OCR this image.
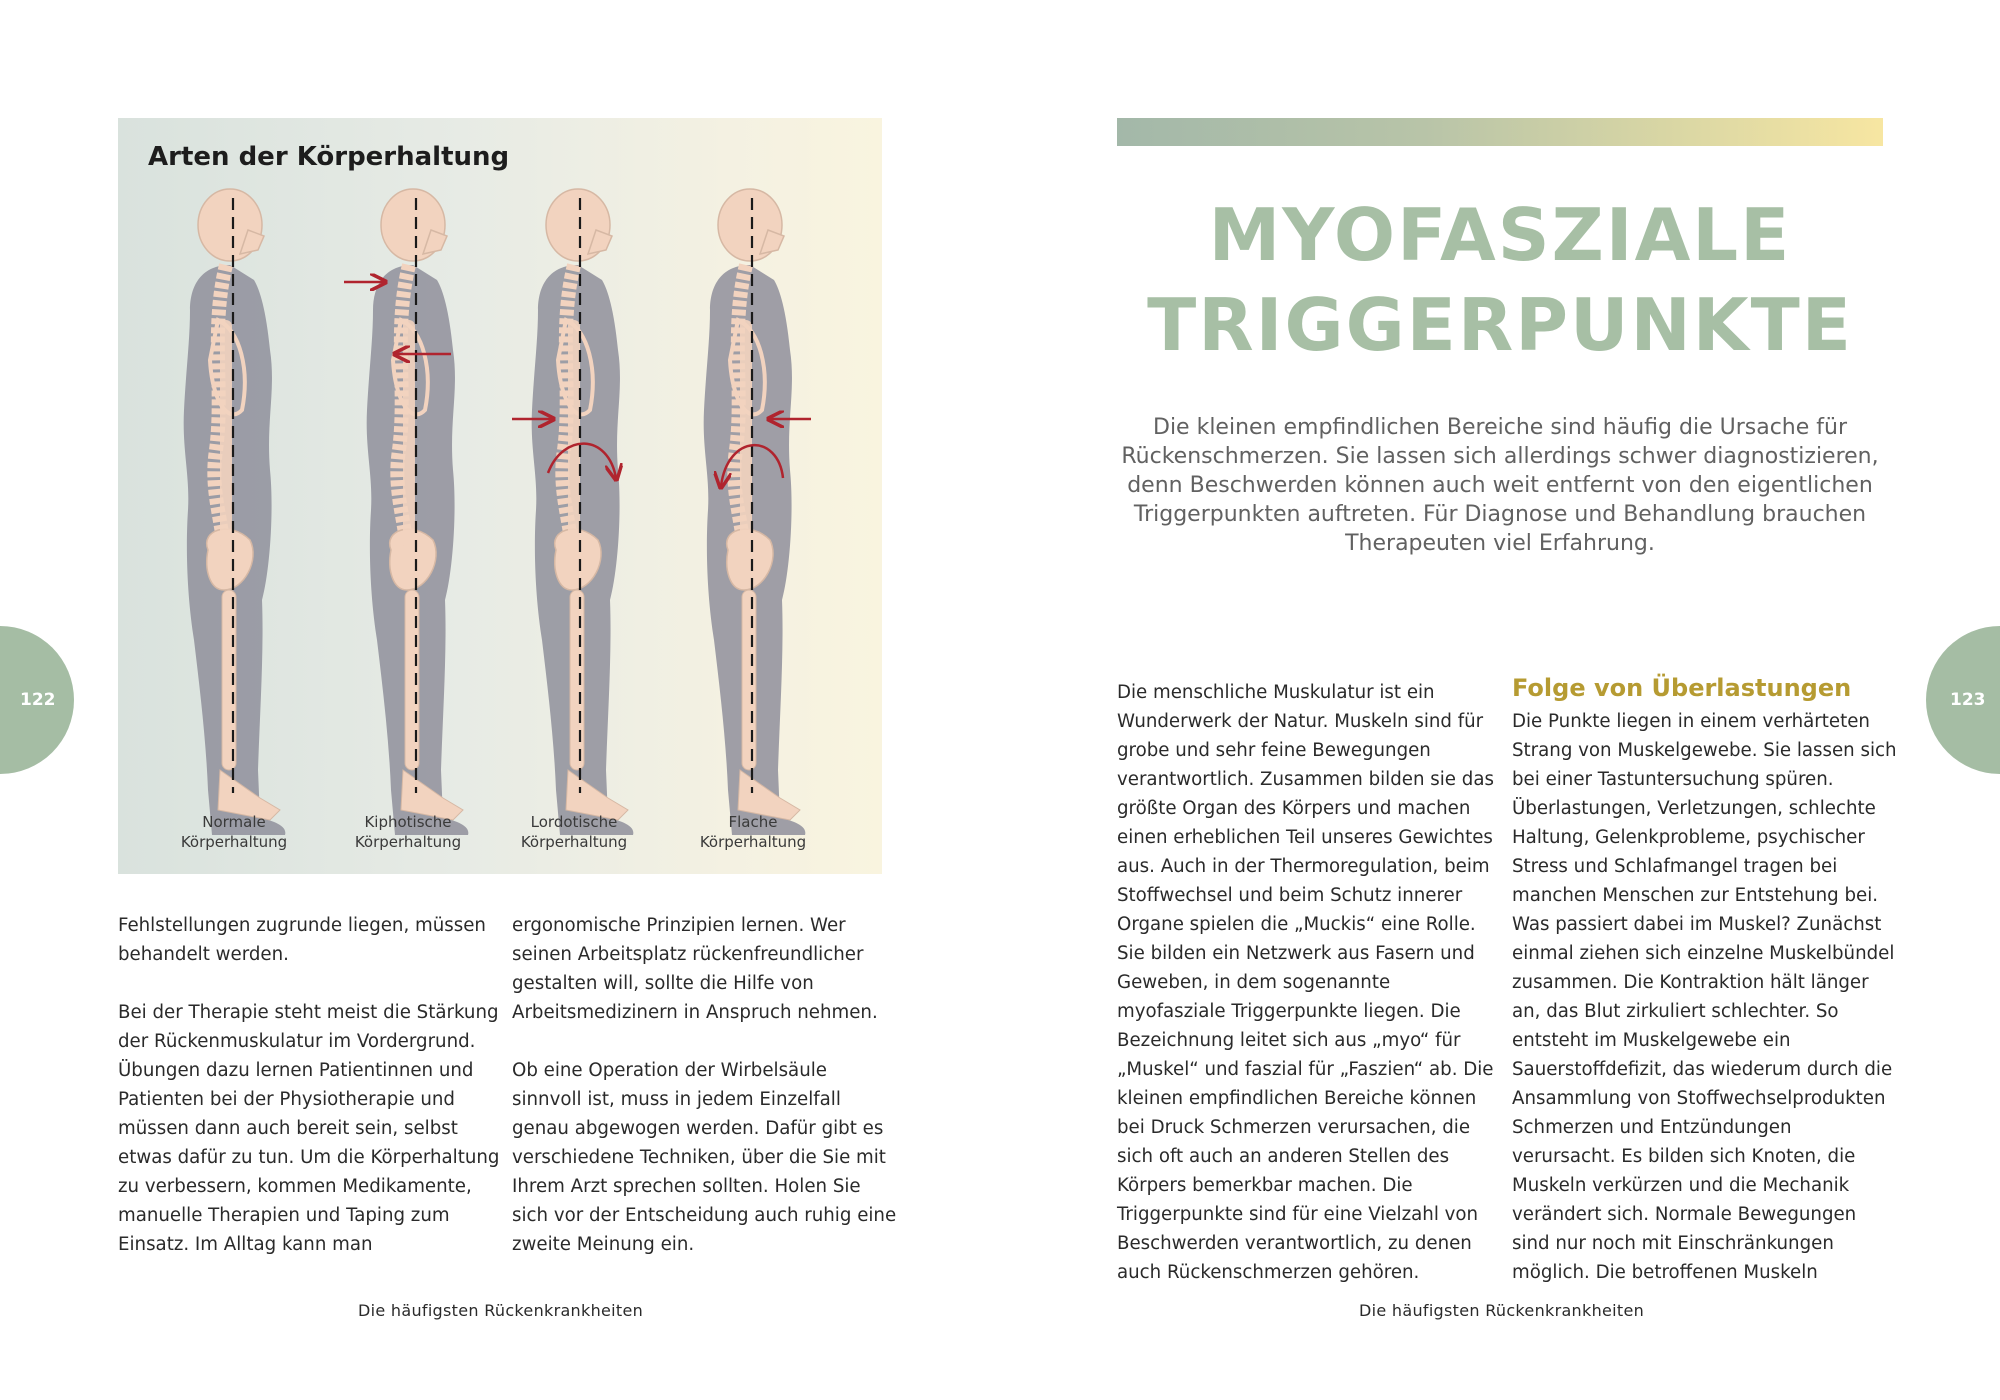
Arten der Körperhaltung
Normale
Körperhaltung
Kiphotische
Körperhaltung
Lordotische
Körperhaltung
Flache
Körperhaltung

Fehlstellungen zugrunde liegen, müssen behandelt werden.

Bei der Therapie steht meist die Stärkung der Rückenmuskulatur im Vordergrund. Übungen dazu lernen Patientinnen und Patienten bei der Physiotherapie und müssen dann auch bereit sein, selbst etwas dafür zu tun. Um die Körperhaltung zu verbessern, kommen Medikamente, manuelle Therapien und Taping zum Einsatz. Im Alltag kann man

ergonomische Prinzipien lernen. Wer seinen Arbeitsplatz rückenfreundlicher gestalten will, sollte die Hilfe von Arbeitsmedizinern in Anspruch nehmen.

Ob eine Operation der Wirbelsäule sinnvoll ist, muss in jedem Einzelfall genau abgewogen werden. Dafür gibt es verschiedene Techniken, über die Sie mit Ihrem Arzt sprechen sollten. Holen Sie sich vor der Entscheidung auch ruhig eine zweite Meinung ein.

122	123
Die häufigsten Rückenkrankheiten	Die häufigsten Rückenkrankheiten
MYOFASZIALE
TRIGGERPUNKTE
Die kleinen empfindlichen Bereiche sind häufig die Ursache für Rückenschmerzen. Sie lassen sich allerdings schwer diagnostizieren, denn Beschwerden können auch weit entfernt von den eigentlichen Triggerpunkten auftreten. Für Diagnose und Behandlung brauchen Therapeuten viel Erfahrung.

Die menschliche Muskulatur ist ein Wunderwerk der Natur. Muskeln sind für grobe und sehr feine Bewegungen verantwortlich. Zusammen bilden sie das größte Organ des Körpers und machen einen erheblichen Teil unseres Gewichtes aus. Auch in der Thermoregulation, beim Stoffwechsel und beim Schutz innerer Organe spielen die „Muckis“ eine Rolle. Sie bilden ein Netzwerk aus Fasern und Geweben, in dem sogenannte myofasziale Triggerpunkte liegen. Die Bezeichnung leitet sich aus „myo“ für „Muskel“ und faszial für „Faszien“ ab. Die kleinen empfindlichen Bereiche können bei Druck Schmerzen verursachen, die sich oft auch an anderen Stellen des Körpers bemerkbar machen. Die Triggerpunkte sind für eine Vielzahl von Beschwerden verantwortlich, zu denen auch Rückenschmerzen gehören.

Folge von Überlastungen

Die Punkte liegen in einem verhärteten Strang von Muskelgewebe. Sie lassen sich bei einer Tastuntersuchung spüren. Überlastungen, Verletzungen, schlechte Haltung, Gelenkprobleme, psychischer Stress und Schlafmangel tragen bei manchen Menschen zur Entstehung bei. Was passiert dabei im Muskel? Zunächst einmal ziehen sich einzelne Muskelbündel zusammen. Die Kontraktion hält länger an, das Blut zirkuliert schlechter. So entsteht im Muskelgewebe ein Sauerstoffdefizit, das wiederum durch die Ansammlung von Stoffwechselprodukten Schmerzen und Entzündungen verursacht. Es bilden sich Knoten, die Muskeln verkürzen und die Mechanik verändert sich. Normale Bewegungen sind nur noch mit Einschränkungen möglich. Die betroffenen Muskeln
